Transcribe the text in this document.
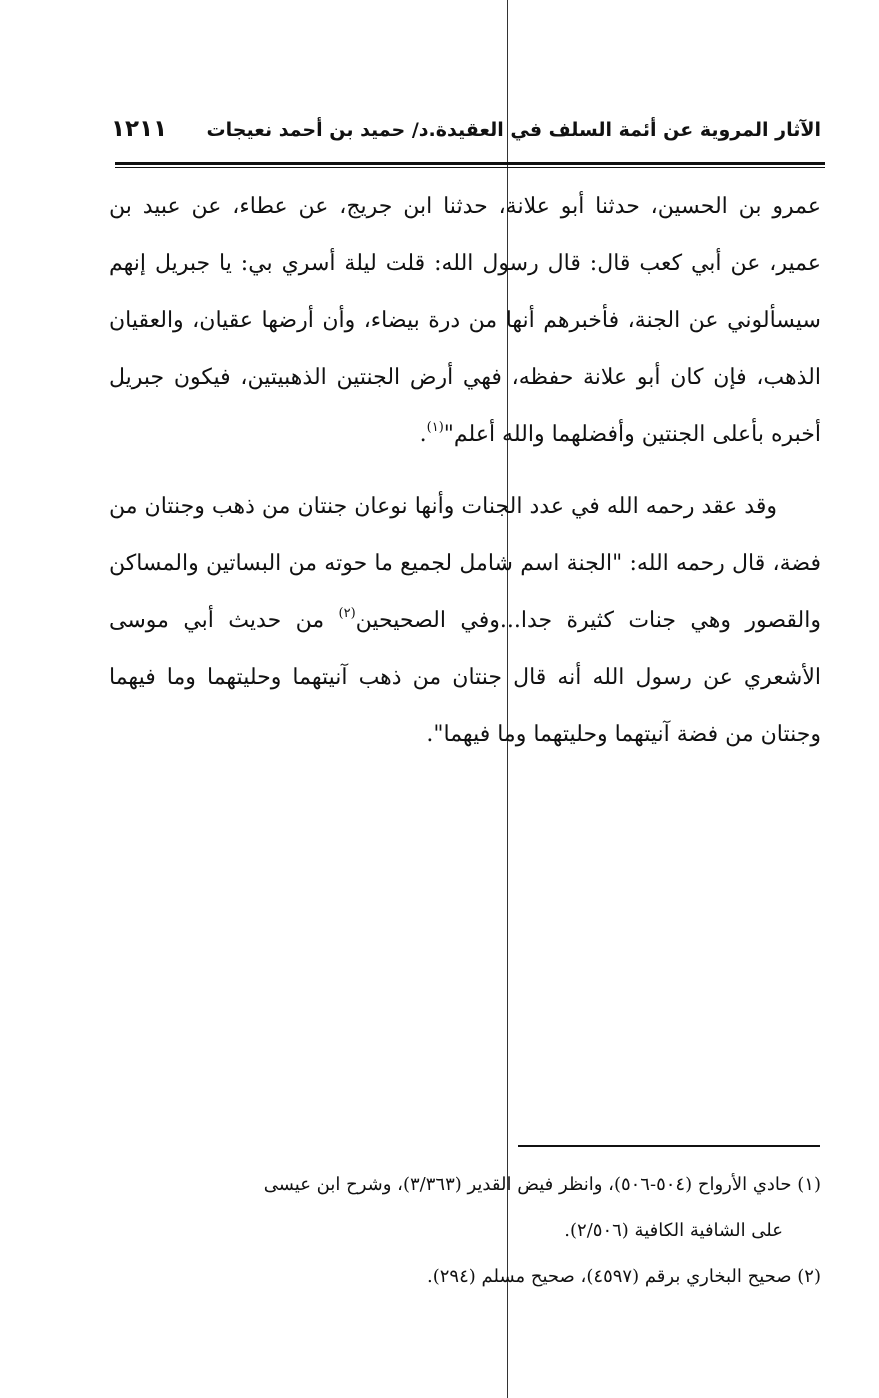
الآثار المروية عن أئمة السلف في العقيدة.د/ حميد بن أحمد نعيجات
١٢١١

عمرو بن الحسين، حدثنا أبو علانة، حدثنا ابن جريج، عن عطاء، عن عبيد بن عمير، عن أبي كعب قال: قال رسول الله: قلت ليلة أسري بي: يا جبريل إنهم سيسألوني عن الجنة، فأخبرهم أنها من درة بيضاء، وأن أرضها عقيان، والعقيان الذهب، فإن كان أبو علانة حفظه، فهي أرض الجنتين الذهبيتين، فيكون جبريل أخبره بأعلى الجنتين وأفضلهما والله أعلم"$^{(١)}$.

وقد عقد رحمه الله في عدد الجنات وأنها نوعان جنتان من ذهب وجنتان من فضة، قال رحمه الله: "الجنة اسم شامل لجميع ما حوته من البساتين والمساكن والقصور وهي جنات كثيرة جدا...وفي الصحيحين$^{(٢)}$ من حديث أبي موسى الأشعري عن رسول الله أنه قال جنتان من ذهب آنيتهما وحليتهما وما فيهما وجنتان من فضة آنيتهما وحليتهما وما فيهما".

(١) حادي الأرواح (٥٠٤-٥٠٦)، وانظر فيض القدير (٣/٣٦٣)، وشرح ابن عيسى

على الشافية الكافية (٢/٥٠٦).

(٢) صحيح البخاري برقم (٤٥٩٧)، صحيح مسلم (٢٩٤).
